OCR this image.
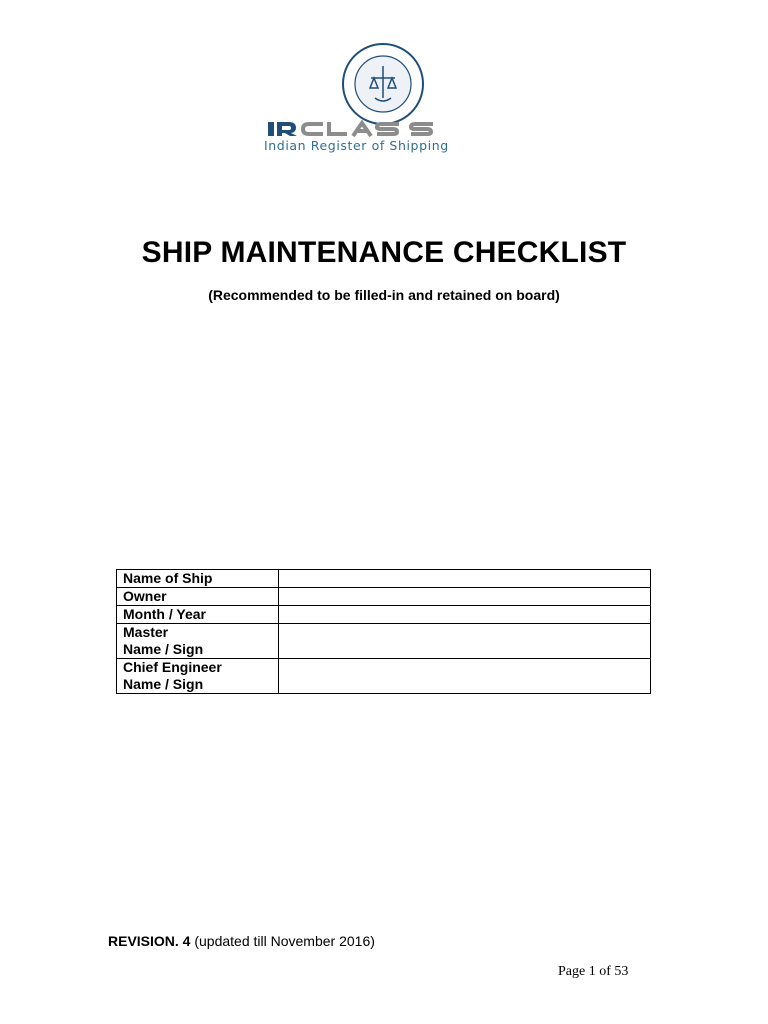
Indian Register of Shipping
SHIP MAINTENANCE CHECKLIST
(Recommended to be filled-in and retained on board)
Name of Ship	
Owner	
Month / Year	

Master
Name / Sign	

Chief Engineer
Name / Sign	

REVISION. 4 (updated till November 2016)
Page 1 of 53
